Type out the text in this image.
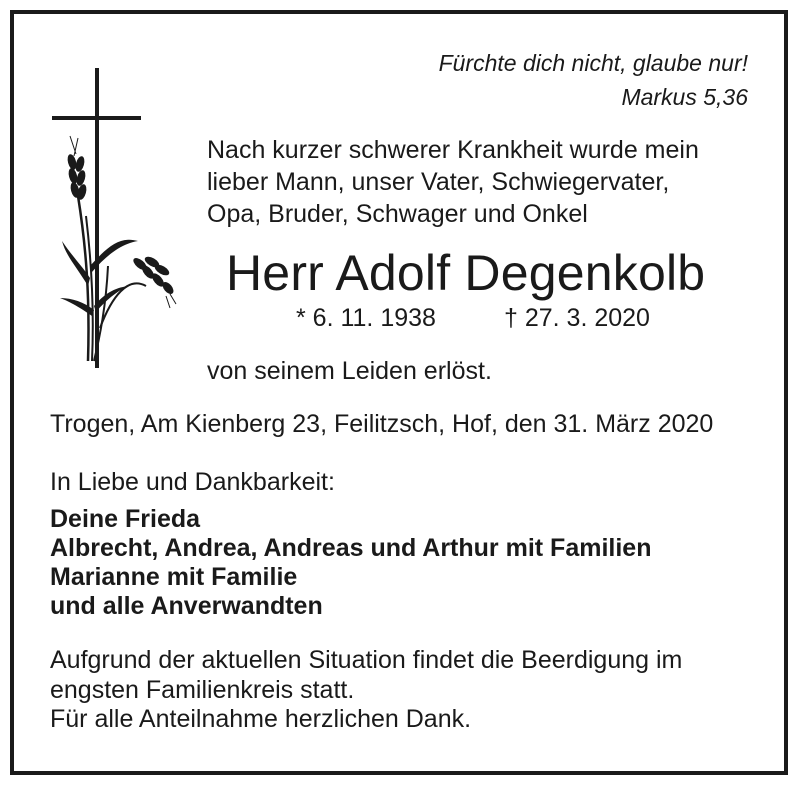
Fürchte dich nicht, glaube nur!
Markus 5,36
Nach kurzer schwerer Krankheit wurde mein
lieber Mann, unser Vater, Schwiegervater,
Opa, Bruder, Schwager und Onkel
Herr Adolf Degenkolb
* 6. 11. 1938	† 27. 3. 2020
von seinem Leiden erlöst.
Trogen, Am Kienberg 23, Feilitzsch, Hof, den 31. März 2020
In Liebe und Dankbarkeit:
Deine Frieda
Albrecht, Andrea, Andreas und Arthur mit Familien
Marianne mit Familie
und alle Anverwandten
Aufgrund der aktuellen Situation findet die Beerdigung im
engsten Familienkreis statt.
Für alle Anteilnahme herzlichen Dank.
